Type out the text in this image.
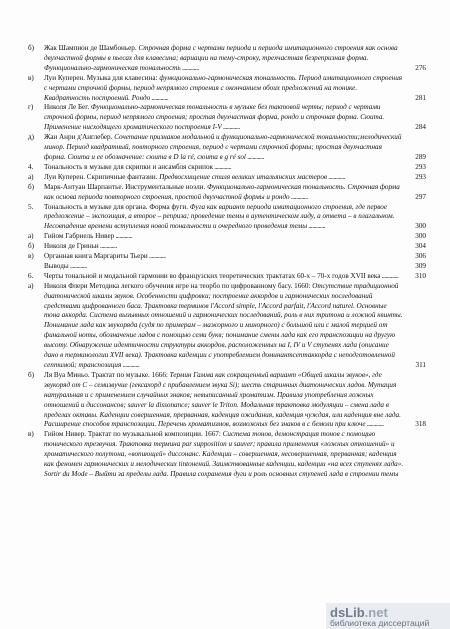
б)	Жак Шампион де Шамбоньер. Строчная форма с чертами периода и периода имитационного строения как основа двухчастной формы в пьесах для клавесина; вариации на тему-строку, трехчастная безрепризная форма. Функционально-гармоническая тональность .............	276
в)	Луи Куперен. Музыка для клавесина: функционально-гармоническая тональность. Период имитационного строения с чертами строчной формы, период непрямого строения с окончанием обоих предложений на тонике. Квадратность построений. Рондо .............	281
г)	Николя Ле Бег. Функционально-гармоническая тональность в музыке без тактовой черты; период с чертами строчной формы, период непрямого строения; простая двухчастная форма, рондо и строчная форма. Сюита. Применение нисходящего хроматического построения I-V .............	284
д)	Жан Анри д'Англебер. Сочетание признаков модальной и функционально-гармонической тональности;мелодический минор. Период квадратный, повторного строения, период с чертами строчной формы; простая двухчастная форма. Сюита и ее обозначение: сюита в D la ré, сюита в g ré sol .............	289
4.	Тональность в музыке для скрипки и ансамбля скрипок .............	293
а)	Луи Куперен. Скрипичные фантазии. Предвосхищение стиля великих итальянских мастеров .............	293
б)	Марк-Антуан Шарпантье. Инструментальные ноэли. Функционально-гармоническая тональность. Строчная форма как основа периода повторного строения, простой двухчастной формы и рондо .............	297
5.	Тональность в музыке для органа. Форма фуги. Фуга как вариант периода имитационного строения, где первое предложение – экспозиция, а второе – реприза; проведение темы в аутентическом ладу, а ответа – в плагальном. Несовпадение времени вступления новой тональности и очередного проведения темы .............	300
а)	Гийом Габриель Нивер .............	300
б)	Николя де Гриньи .............	304
в)	Органная книга Маргариты Тьери .............	306
Выводы .............	309
6.	Черты тональной и модальной гармонии во французских теоретических трактатах 60-х – 70-х годов XVII века .............	310
а)	Николя Флери Методика легкого обучения игре на теорбо по цифрованному басу. 1660: Отсутствие традиционной диатонической шкалы звуков. Особенности цифровки; построение аккордов и гармонических последований средствами цифрованного баса. Трактовка терминов l'Accord simple, l'Accord parfait, l'Accord naturel. Основные тона аккорда. Система вызывных отношений и гармонических последований, роль в них тритона и ложной квинты. Понимание лада как звукоряда (судя по примерам – мажорного и минорного) с большой или с малой терцией от финальной ноты, обозначение ладов с помощью семи букв; понимание смены лада как его транспозиции на другую высоту. Обнаружение идентичности структуры аккордов, расположенных на I, IV и V ступенях лада (описание дано в терминологии XVII века). Трактовка каденции с употреблением доминантсептаккорда с неподготовленной септимой; транспозиция .............	311
б)	Ля Вуа Миньо. Трактат по музыке. 1666: Термин Гамма как сокращенный вариант «Общей шкалы звуков», где звукоряд от С – семизвучие (гексахорд с прибавлением звука Si); шесть старинных диатонических ладов. Мутация натуральная и с применением случайных знаков; невыписанный хроматизм. Правила употребления ложных отношений и диссонансов; sauver la dissonance; sauver le Triton. Модальная трактовка модуляции – смена лада в пределах октавы. Каденции совершенная, прерванная, каденция ожидания, каденция чуждая, или каденция вне лада. Расширение способов транспозиции. Перечень хроматизмов, возможных без знаков в с бемоли при ключе .............	318
в)	Гийом Нивер. Трактат по музыкальной композиции. 1667: Система тонов, демонстрация тонов с помощью тонического трезвучия. Трактовка термина par supposition и sauver; правила применения «ложных отношений» и хроматического полутона, «вопиющей» диссонанс. Каденции – совершенная, несовершенная, прерванная; каденция как феномен гармонических и мелодических tintонений. Заимствованные каденции, каденции «на всех ступенях лада». Sortir du Mode – Выйти за пределы лада. Правила сохранения дуги и роль основных ступеней лада в строении темы
dsLib.net
библиотека диссертаций
